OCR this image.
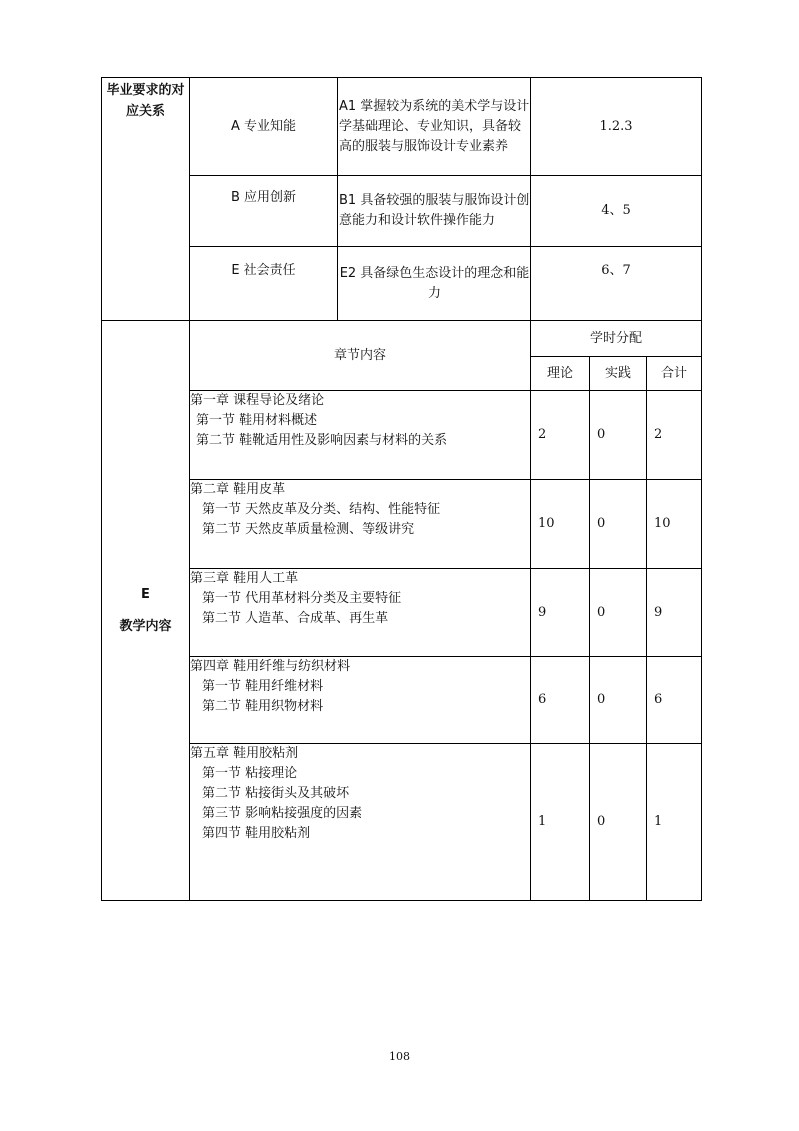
毕业要求的对应关系	A 专业知能	A1 掌握较为系统的美术学与设计学基础理论、专业知识，具备较高的服装与服饰设计专业素养	1.2.3		
	B 应用创新	B1 具备较强的服装与服饰设计创意能力和设计软件操作能力	4、5		
	E 社会责任	E2 具备绿色生态设计的理念和能力	6、7		

E
教学内容	章节内容		学时分配		
			理论	实践	合计

	第一章 课程导论及绪论
第一节 鞋用材料概述
第二节 鞋靴适用性及影响因素与材料的关系		2	0	2

	第二章 鞋用皮革
第一节 天然皮革及分类、结构、性能特征
第二节 天然皮革质量检测、等级讲究		10	0	10

	第三章 鞋用人工革
第一节 代用革材料分类及主要特征
第二节 人造革、合成革、再生革		9	0	9

	第四章 鞋用纤维与纺织材料
第一节 鞋用纤维材料
第二节 鞋用织物材料		6	0	6

	第五章 鞋用胶粘剂
第一节 粘接理论
第二节 粘接街头及其破坏
第三节 影响粘接强度的因素
第四节 鞋用胶粘剂		1	0	1
108
